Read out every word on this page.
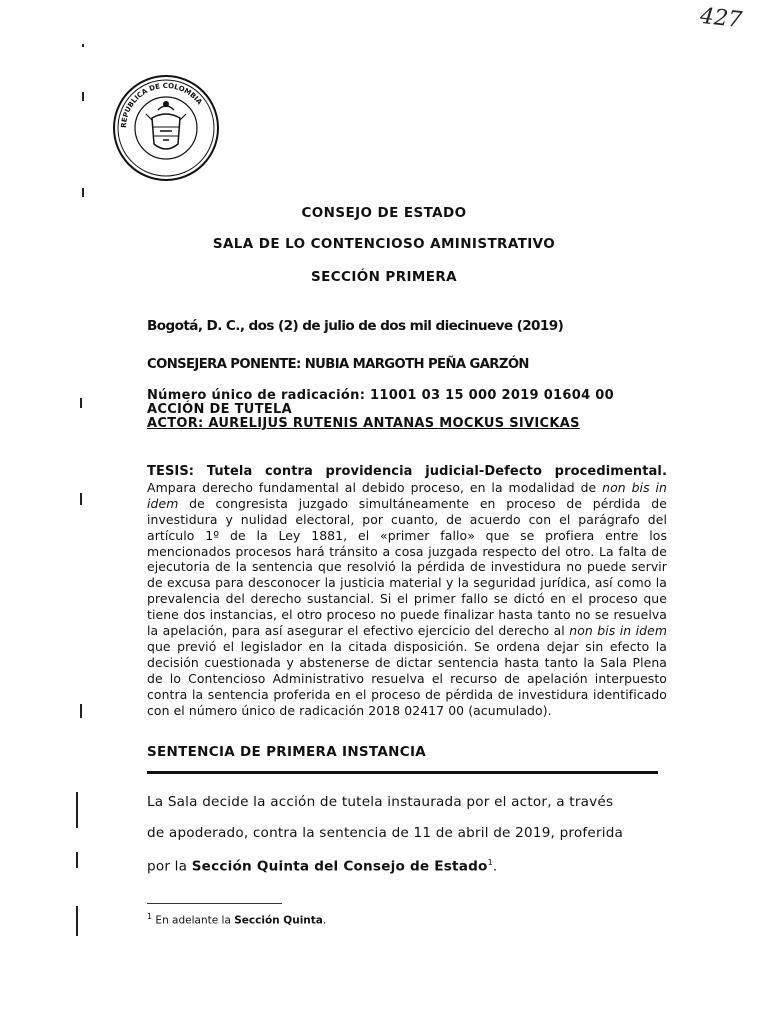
427
REPUBLICA DE COLOMBIA
CONSEJO DE ESTADO
SALA DE LO CONTENCIOSO AMINISTRATIVO
SECCIÓN PRIMERA
Bogotá, D. C., dos (2) de julio de dos mil diecinueve (2019)
CONSEJERA PONENTE: NUBIA MARGOTH PEÑA GARZÓN
Número único de radicación: 11001 03 15 000 2019 01604 00
ACCIÓN DE TUTELA
ACTOR: AURELIJUS RUTENIS ANTANAS MOCKUS SIVICKAS
TESIS: Tutela contra providencia judicial-Defecto procedimental. Ampara derecho fundamental al debido proceso, en la modalidad de non bis in idem de congresista juzgado simultáneamente en proceso de pérdida de investidura y nulidad electoral, por cuanto, de acuerdo con el parágrafo del artículo 1º de la Ley 1881, el «primer fallo» que se profiera entre los mencionados procesos hará tránsito a cosa juzgada respecto del otro. La falta de ejecutoria de la sentencia que resolvió la pérdida de investidura no puede servir de excusa para desconocer la justicia material y la seguridad jurídica, así como la prevalencia del derecho sustancial. Si el primer fallo se dictó en el proceso que tiene dos instancias, el otro proceso no puede finalizar hasta tanto no se resuelva la apelación, para así asegurar el efectivo ejercicio del derecho al non bis in idem que previó el legislador en la citada disposición. Se ordena dejar sin efecto la decisión cuestionada y abstenerse de dictar sentencia hasta tanto la Sala Plena de lo Contencioso Administrativo resuelva el recurso de apelación interpuesto contra la sentencia proferida en el proceso de pérdida de investidura identificado con el número único de radicación 2018 02417 00 (acumulado).
SENTENCIA DE PRIMERA INSTANCIA
La Sala decide la acción de tutela instaurada por el actor, a través
de apoderado, contra la sentencia de 11 de abril de 2019, proferida
por la Sección Quinta del Consejo de Estado$^1$.
$^1$ En adelante la Sección Quinta.
